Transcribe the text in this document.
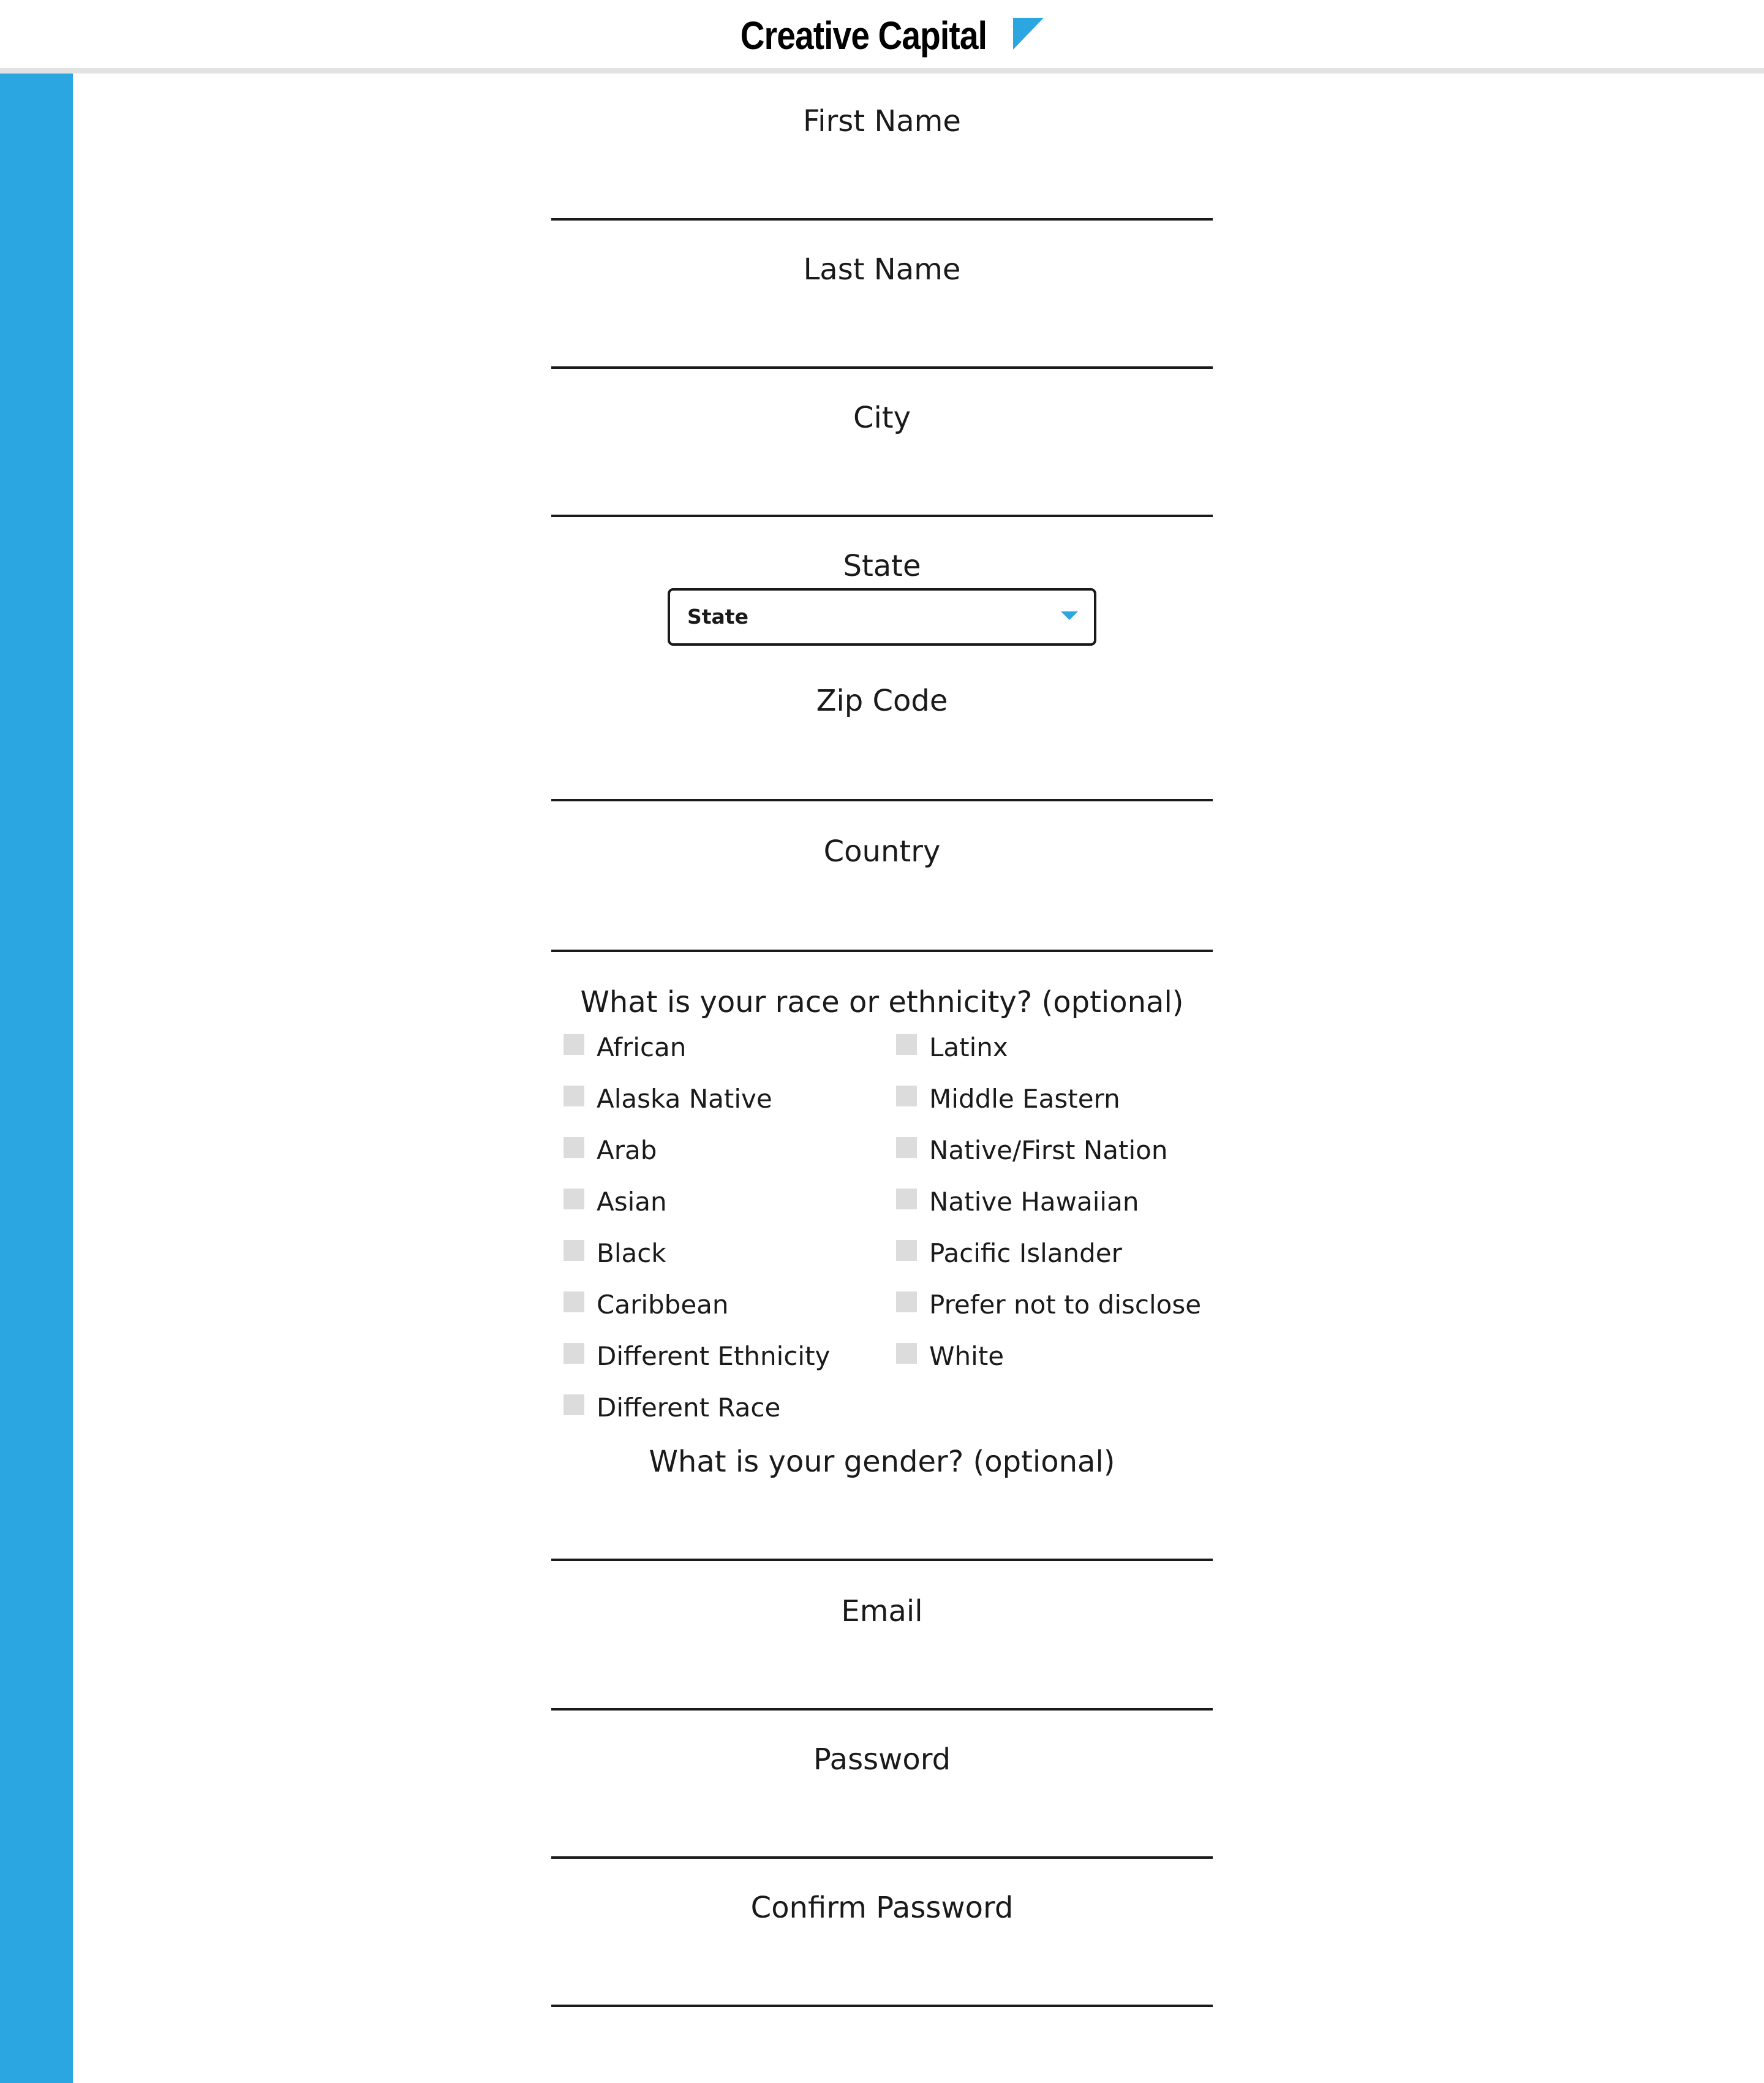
Creative Capital
First Name
Last Name
City
State
State
Zip Code
Country
What is your race or ethnicity? (optional)
African
Alaska Native
Arab
Asian
Black
Caribbean
Different Ethnicity
Different Race
Latinx
Middle Eastern
Native/First Nation
Native Hawaiian
Pacific Islander
Prefer not to disclose
White
What is your gender? (optional)
Email
Password
Confirm Password
